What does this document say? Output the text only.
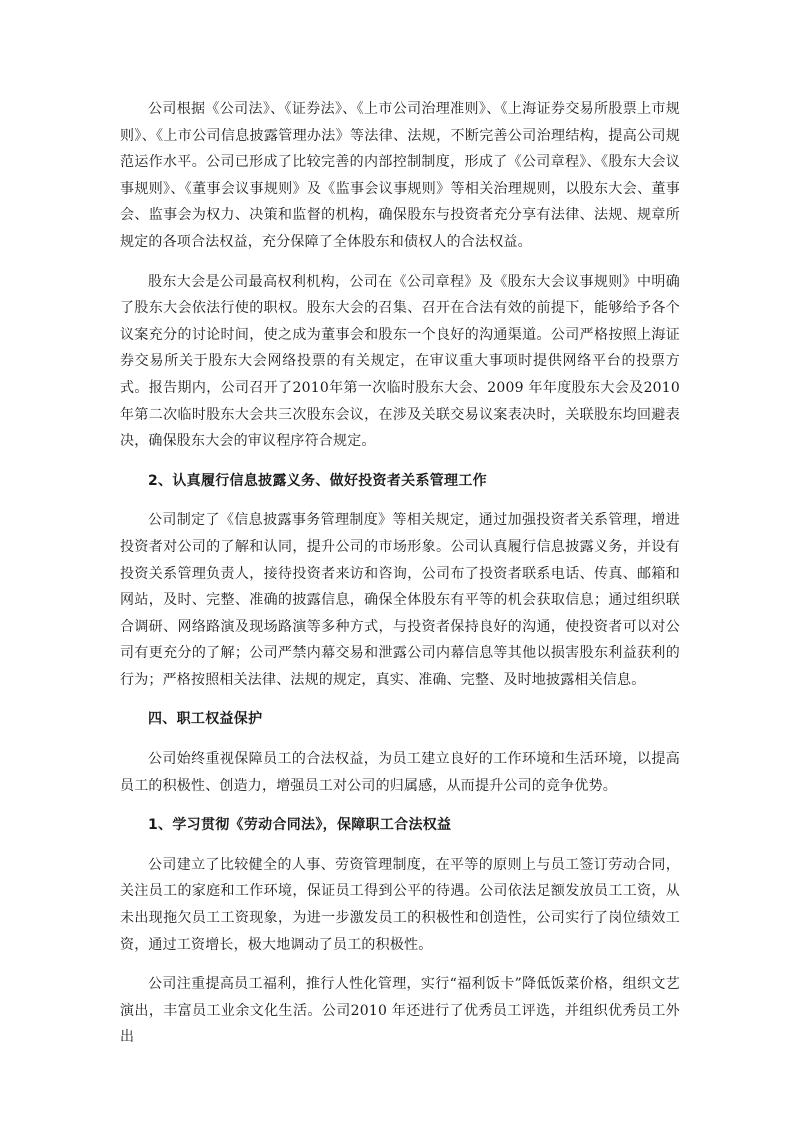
公司根据《公司法》、《证券法》、《上市公司治理准则》、《上海证券交易所股票上市规则》、《上市公司信息披露管理办法》等法律、法规，不断完善公司治理结构，提高公司规范运作水平。公司已形成了比较完善的内部控制制度，形成了《公司章程》、《股东大会议事规则》、《董事会议事规则》及《监事会议事规则》等相关治理规则，以股东大会、董事会、监事会为权力、决策和监督的机构，确保股东与投资者充分享有法律、法规、规章所规定的各项合法权益，充分保障了全体股东和债权人的合法权益。

股东大会是公司最高权利机构，公司在《公司章程》及《股东大会议事规则》中明确了股东大会依法行使的职权。股东大会的召集、召开在合法有效的前提下，能够给予各个议案充分的讨论时间，使之成为董事会和股东一个良好的沟通渠道。公司严格按照上海证券交易所关于股东大会网络投票的有关规定，在审议重大事项时提供网络平台的投票方式。报告期内，公司召开了2010年第一次临时股东大会、2009 年年度股东大会及2010 年第二次临时股东大会共三次股东会议，在涉及关联交易议案表决时，关联股东均回避表决，确保股东大会的审议程序符合规定。

2、认真履行信息披露义务、做好投资者关系管理工作

公司制定了《信息披露事务管理制度》等相关规定，通过加强投资者关系管理，增进投资者对公司的了解和认同，提升公司的市场形象。公司认真履行信息披露义务，并设有投资关系管理负责人，接待投资者来访和咨询，公司布了投资者联系电话、传真、邮箱和网站，及时、完整、准确的披露信息，确保全体股东有平等的机会获取信息；通过组织联合调研、网络路演及现场路演等多种方式，与投资者保持良好的沟通，使投资者可以对公司有更充分的了解；公司严禁内幕交易和泄露公司内幕信息等其他以损害股东利益获利的行为；严格按照相关法律、法规的规定，真实、准确、完整、及时地披露相关信息。

四、职工权益保护

公司始终重视保障员工的合法权益，为员工建立良好的工作环境和生活环境，以提高员工的积极性、创造力，增强员工对公司的归属感，从而提升公司的竞争优势。

1、学习贯彻《劳动合同法》，保障职工合法权益

公司建立了比较健全的人事、劳资管理制度，在平等的原则上与员工签订劳动合同，关注员工的家庭和工作环境，保证员工得到公平的待遇。公司依法足额发放员工工资，从未出现拖欠员工工资现象，为进一步激发员工的积极性和创造性，公司实行了岗位绩效工资，通过工资增长，极大地调动了员工的积极性。

公司注重提高员工福利，推行人性化管理，实行“福利饭卡”降低饭菜价格，组织文艺演出，丰富员工业余文化生活。公司2010 年还进行了优秀员工评选，并组织优秀员工外出
